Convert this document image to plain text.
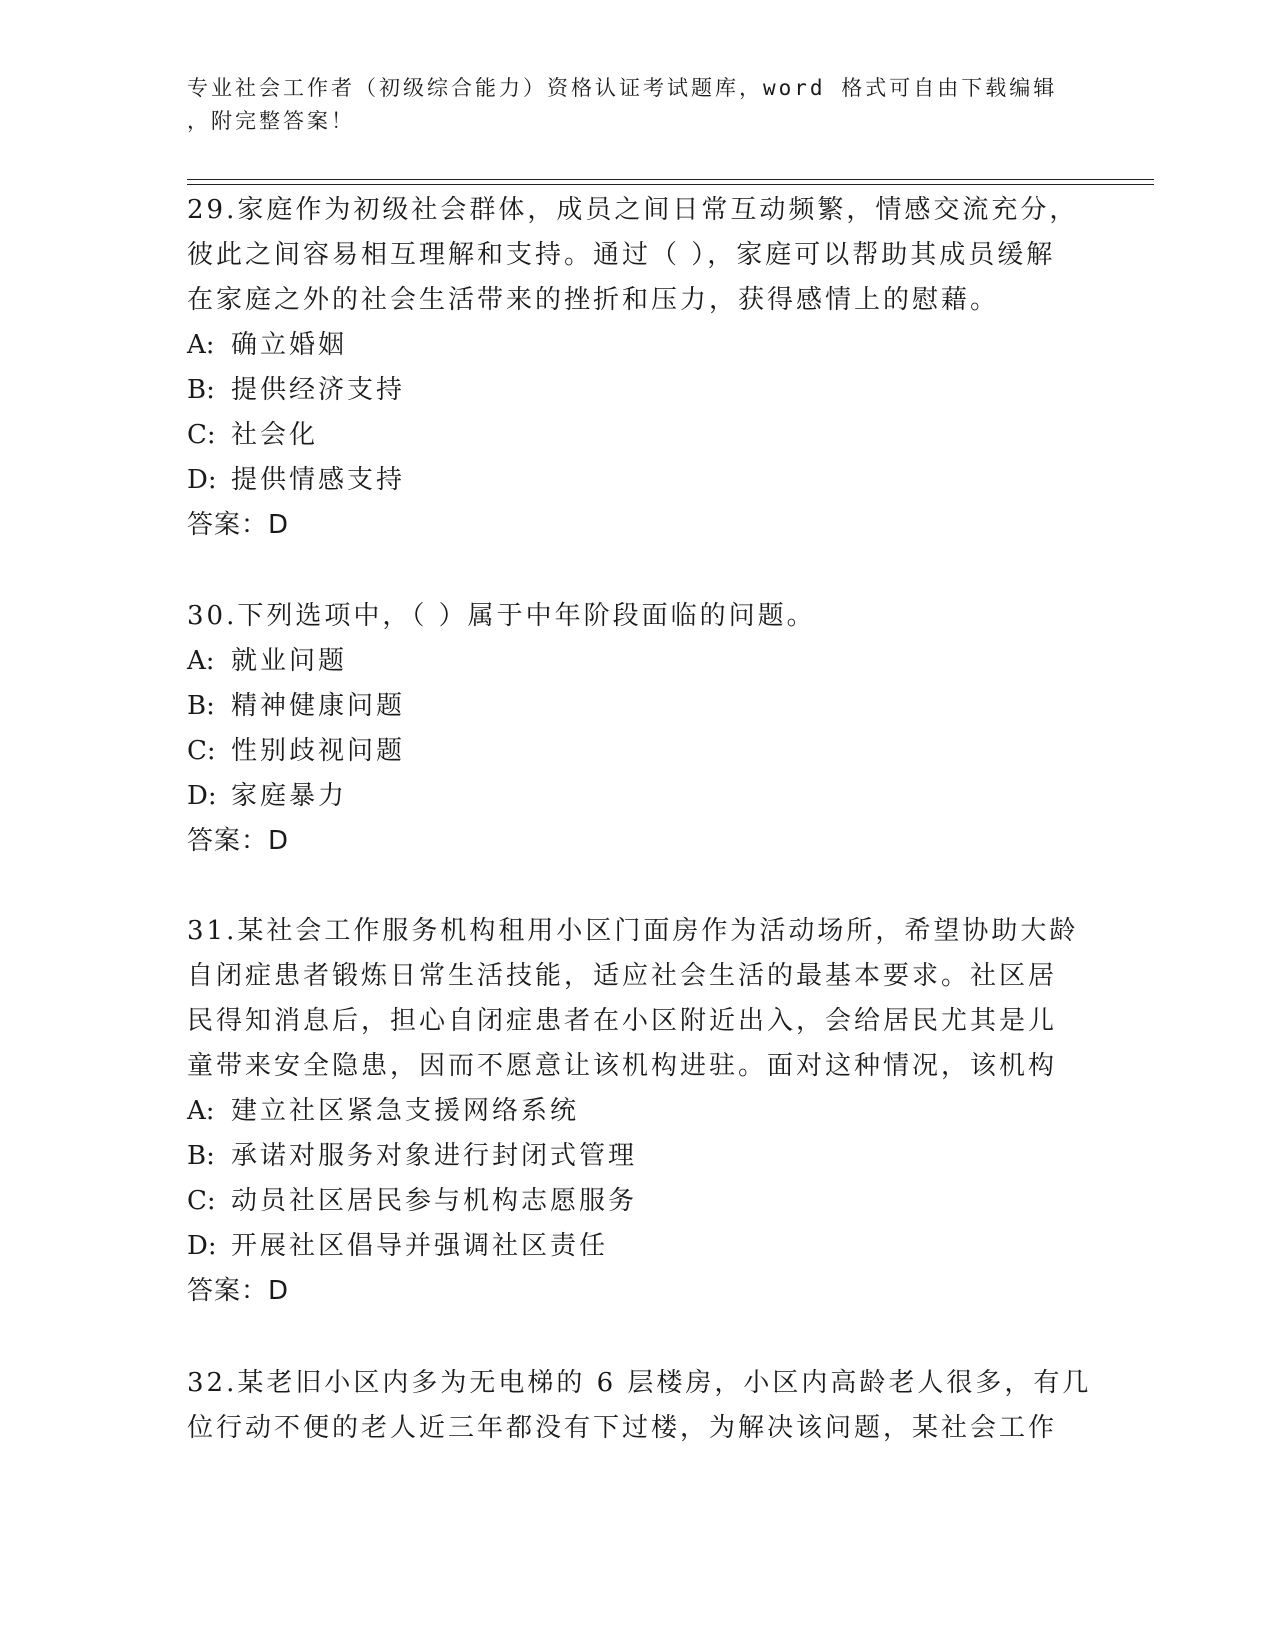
专业社会工作者（初级综合能力）资格认证考试题库，word 格式可自由下载编辑
，附完整答案！
29.家庭作为初级社会群体，成员之间日常互动频繁，情感交流充分，
彼此之间容易相互理解和支持。通过（ ），家庭可以帮助其成员缓解
在家庭之外的社会生活带来的挫折和压力，获得感情上的慰藉。
A: 确立婚姻
B: 提供经济支持
C: 社会化
D: 提供情感支持
答案：D
30.下列选项中，（ ）属于中年阶段面临的问题。
A: 就业问题
B: 精神健康问题
C: 性别歧视问题
D: 家庭暴力
答案：D
31.某社会工作服务机构租用小区门面房作为活动场所，希望协助大龄
自闭症患者锻炼日常生活技能，适应社会生活的最基本要求。社区居
民得知消息后，担心自闭症患者在小区附近出入，会给居民尤其是儿
童带来安全隐患，因而不愿意让该机构进驻。面对这种情况，该机构
A: 建立社区紧急支援网络系统
B: 承诺对服务对象进行封闭式管理
C: 动员社区居民参与机构志愿服务
D: 开展社区倡导并强调社区责任
答案：D
32.某老旧小区内多为无电梯的 6 层楼房，小区内高龄老人很多，有几
位行动不便的老人近三年都没有下过楼，为解决该问题，某社会工作
